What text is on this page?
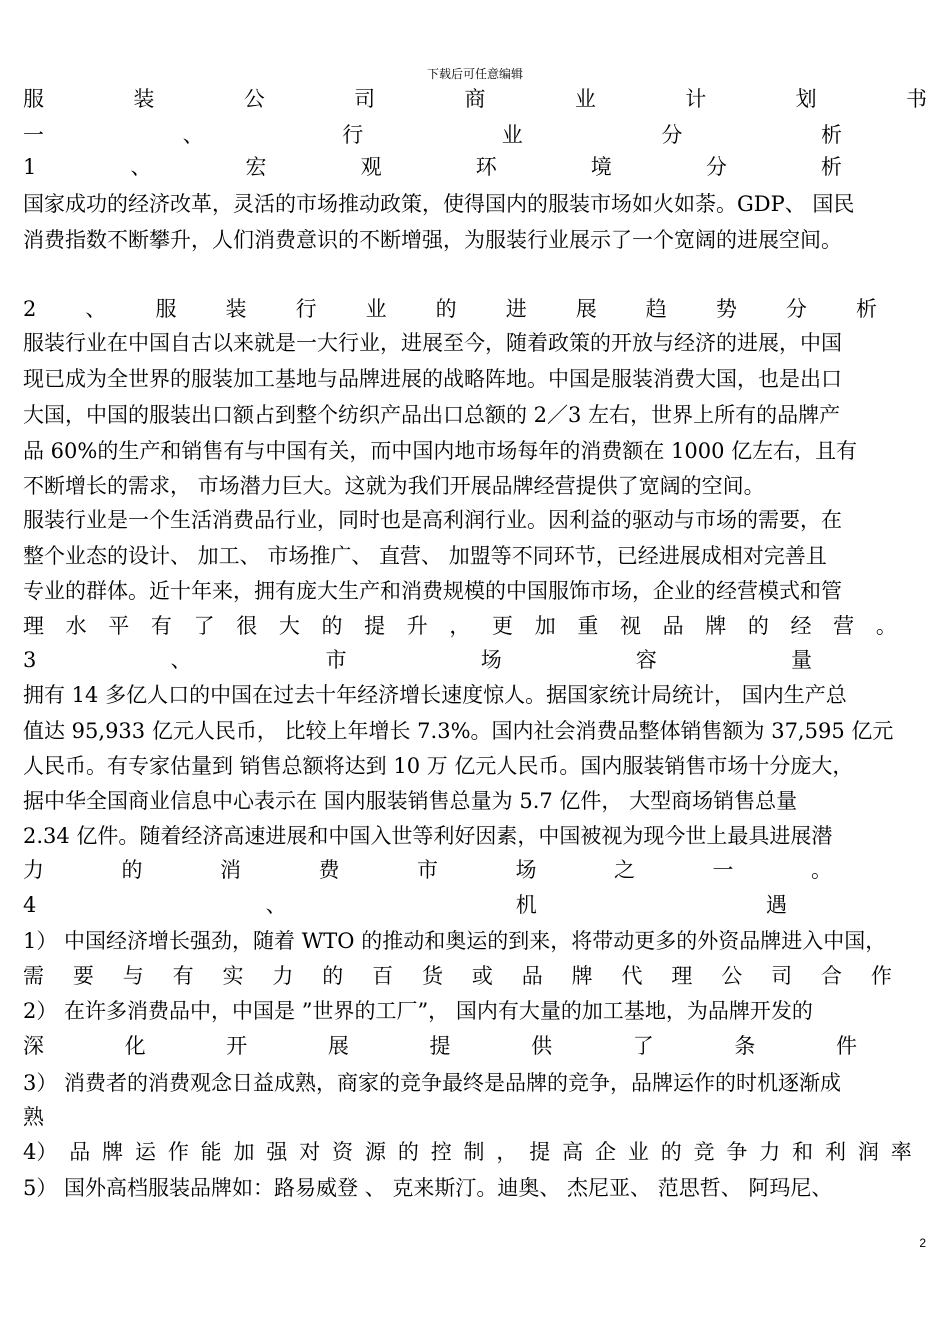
下载后可任意编辑
服	装	公	司	商	业	计	划	书
一	、	行	业	分	析
1	、	宏	观	环	境	分	析
国家成功的经济改革，灵活的市场推动政策，使得国内的服装市场如火如荼。GDP、 国民
消费指数不断攀升，人们消费意识的不断增强，为服装行业展示了一个宽阔的进展空间。
2 、 服 装 行 业 的 进 展 趋 势 分 析
服装行业在中国自古以来就是一大行业，进展至今，随着政策的开放与经济的进展，中国
现已成为全世界的服装加工基地与品牌进展的战略阵地。中国是服装消费大国，也是出口
大国，中国的服装出口额占到整个纺织产品出口总额的 2／3 左右，世界上所有的品牌产
品 60%的生产和销售有与中国有关，而中国内地市场每年的消费额在 1000 亿左右，且有
不断增长的需求， 市场潜力巨大。这就为我们开展品牌经营提供了宽阔的空间。
服装行业是一个生活消费品行业，同时也是高利润行业。因利益的驱动与市场的需要，在
整个业态的设计、 加工、 市场推广、 直营、 加盟等不同环节，已经进展成相对完善且
专业的群体。近十年来，拥有庞大生产和消费规模的中国服饰市场，企业的经营模式和管
理 水 平 有 了 很 大 的 提 升 ， 更 加 重 视 品 牌 的 经 营 。
3	、	市	场	容	量
拥有 14 多亿人口的中国在过去十年经济增长速度惊人。据国家统计局统计， 国内生产总
值达 95,933 亿元人民币， 比较上年增长 7.3%。国内社会消费品整体销售额为 37,595 亿元
人民币。有专家估量到 销售总额将达到 10 万 亿元人民币。国内服装销售市场十分庞大，
据中华全国商业信息中心表示在 国内服装销售总量为 5.7 亿件， 大型商场销售总量
2.34 亿件。随着经济高速进展和中国入世等利好因素，中国被视为现今世上最具进展潜
力	的	消	费	市	场	之	一	。
4	、	机	遇
1） 中国经济增长强劲，随着 WTO 的推动和奥运的到来，将带动更多的外资品牌进入中国，
需 要 与 有 实 力 的 百 货 或 品 牌 代 理 公 司 合 作
2） 在许多消费品中，中国是 ”世界的工厂”， 国内有大量的加工基地，为品牌开发的
深	化	开	展	提	供	了	条	件
3） 消费者的消费观念日益成熟，商家的竞争最终是品牌的竞争，品牌运作的时机逐渐成
熟
4） 品 牌 运 作 能 加 强 对 资 源 的 控 制 ， 提 高 企 业 的 竞 争 力 和 利 润 率
5） 国外高档服装品牌如：路易威登 、 克来斯汀。迪奥、 杰尼亚、 范思哲、 阿玛尼、
2
